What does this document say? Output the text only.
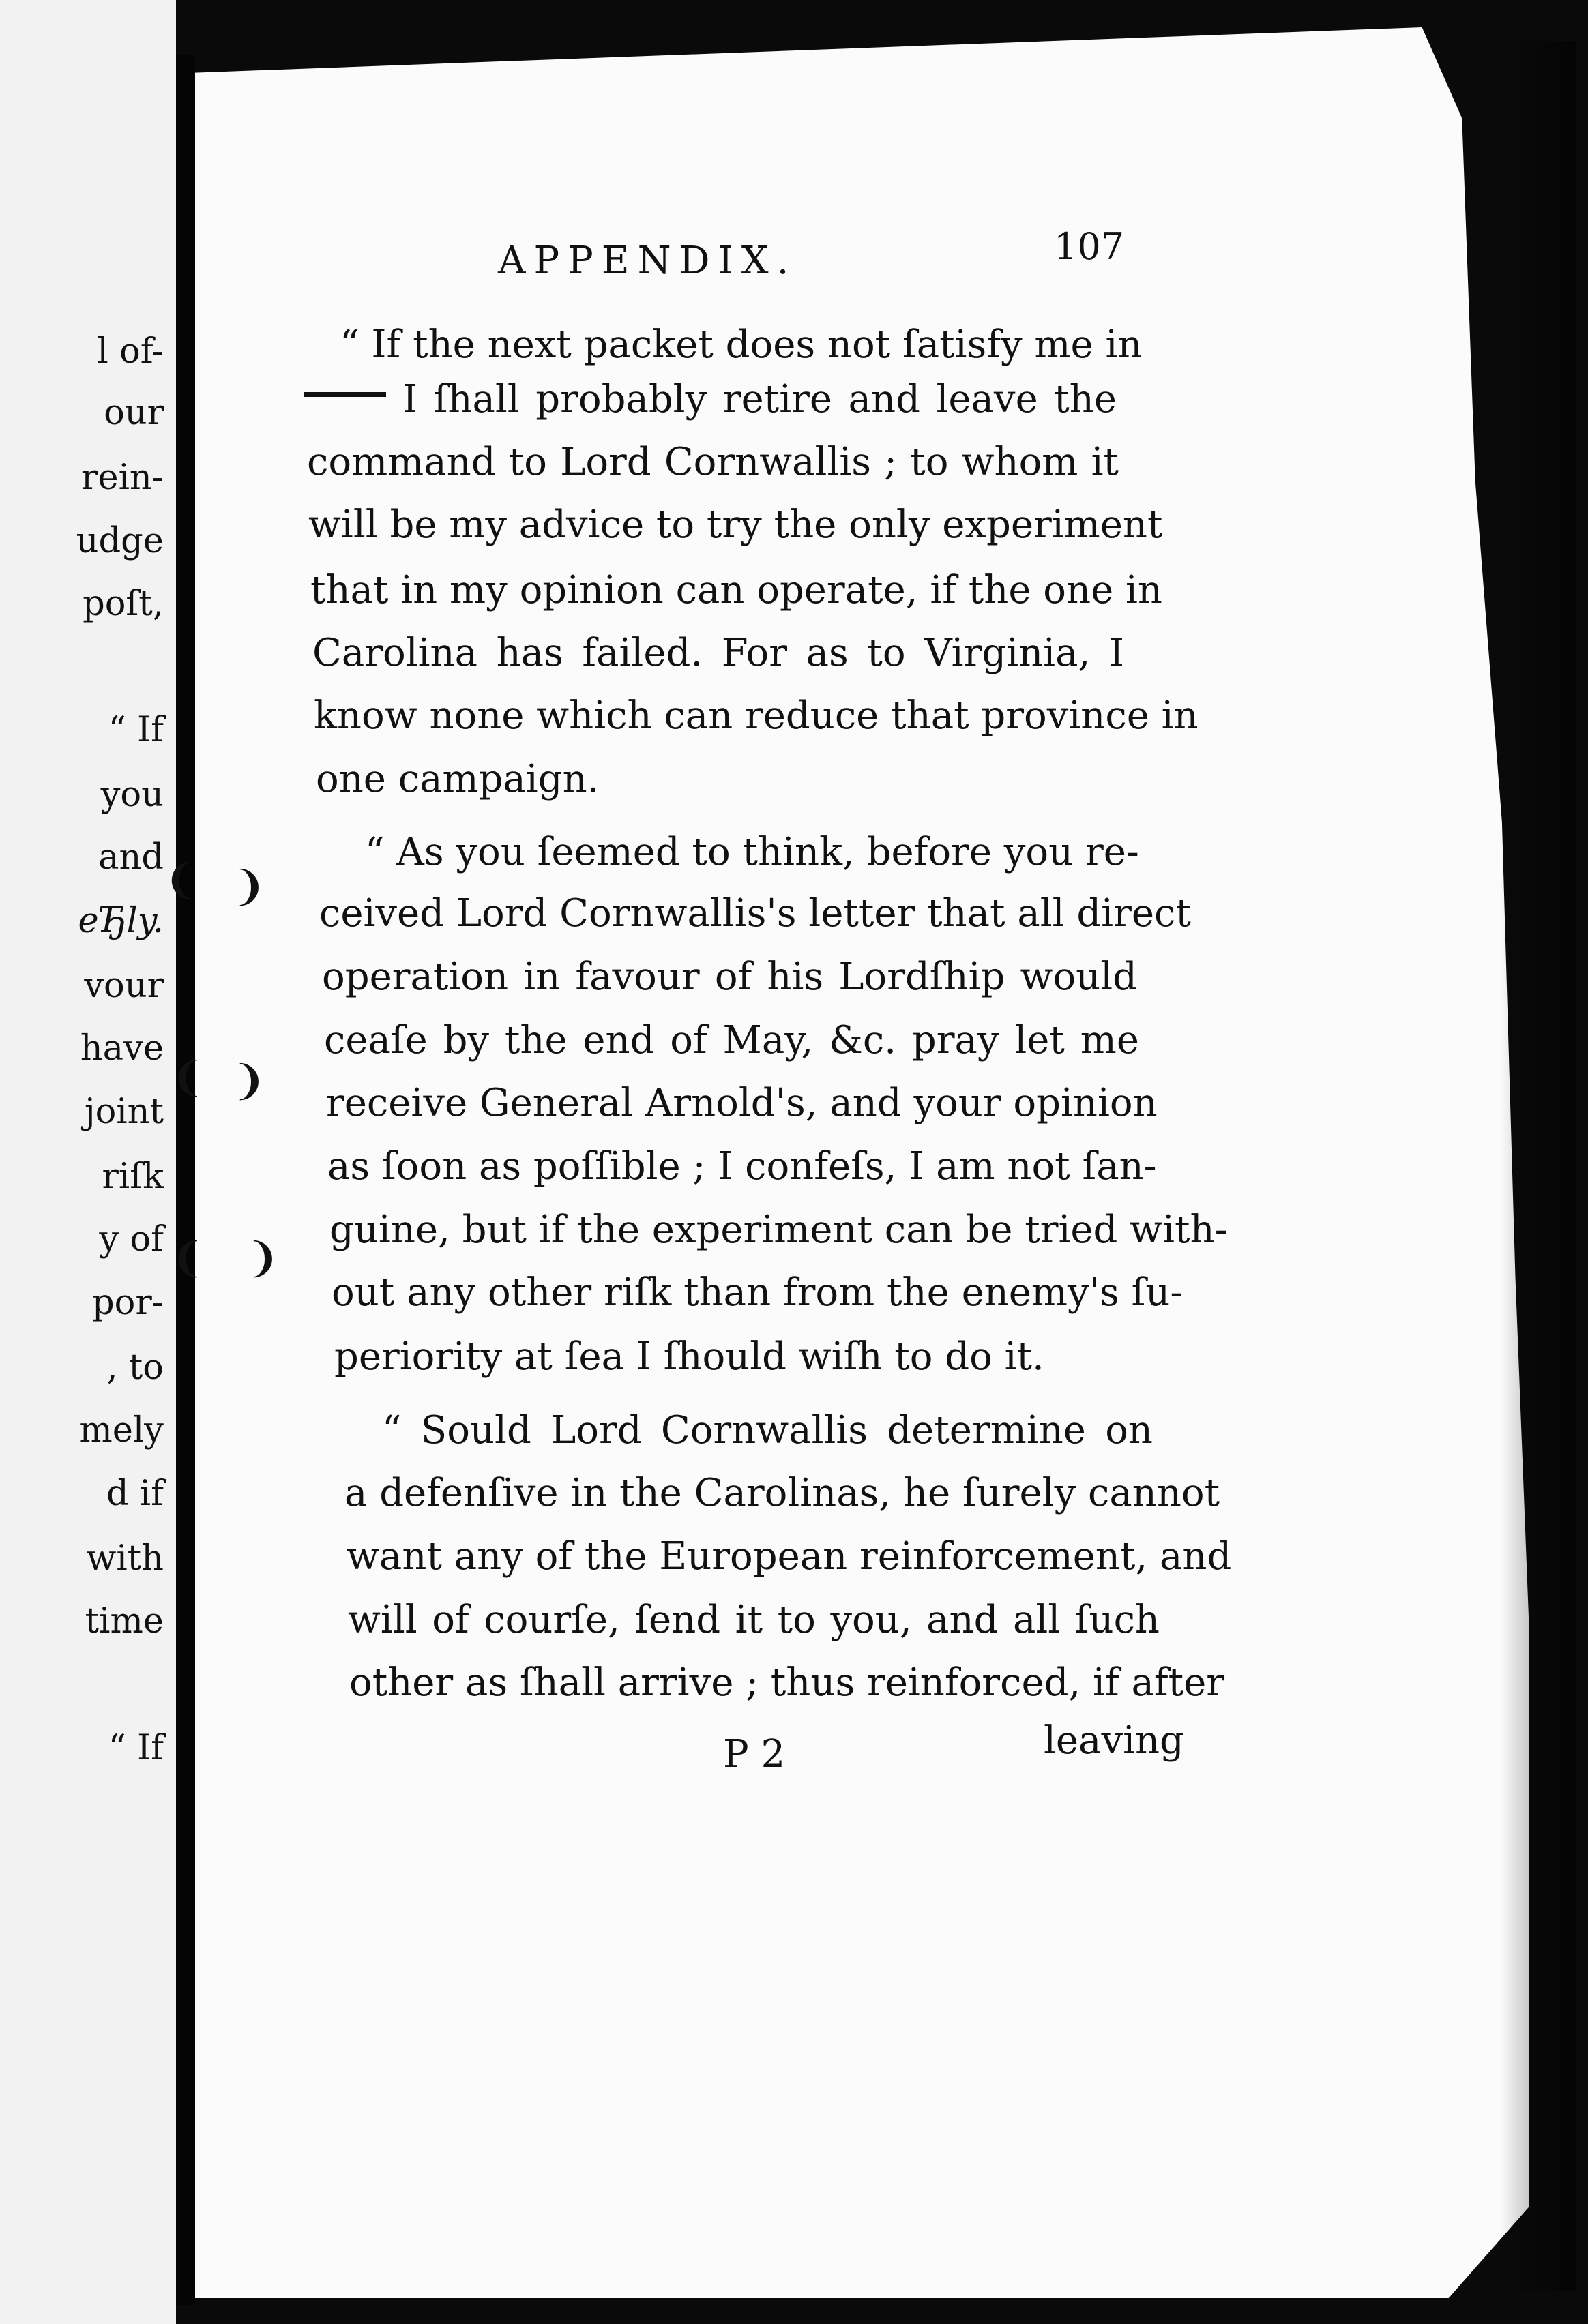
l of-
our
rein-
udge
poſt,
“ If
you
and
eЂly.
vour
have
joint
riſk
y of
por-
, to
mely
d if
with
time
“ If
❨ ❩
❨ ❩
❨ ❩
APPENDIX.	107
“ If the next packet does not ſatisfy me in
I ſhall probably retire and leave the
command to Lord Cornwallis ; to whom it
will be my advice to try the only experiment
that in my opinion can operate, if the one in
Carolina has failed. For as to Virginia, I
know none which can reduce that province in
one campaign.
“ As you ſeemed to think, before you re-
ceived Lord Cornwallis's letter that all direct
operation in favour of his Lordſhip would
ceaſe by the end of May, &c. pray let me
receive General Arnold's, and your opinion
as ſoon as poſſible ; I confeſs, I am not ſan-
guine, but if the experiment can be tried with-
out any other riſk than from the enemy's ſu-
periority at ſea I ſhould wiſh to do it.
“ Sould Lord Cornwallis determine on
a defenſive in the Carolinas, he ſurely cannot
want any of the European reinforcement, and
will of courſe, ſend it to you, and all ſuch
other as ſhall arrive ; thus reinforced, if after
P 2	leaving
